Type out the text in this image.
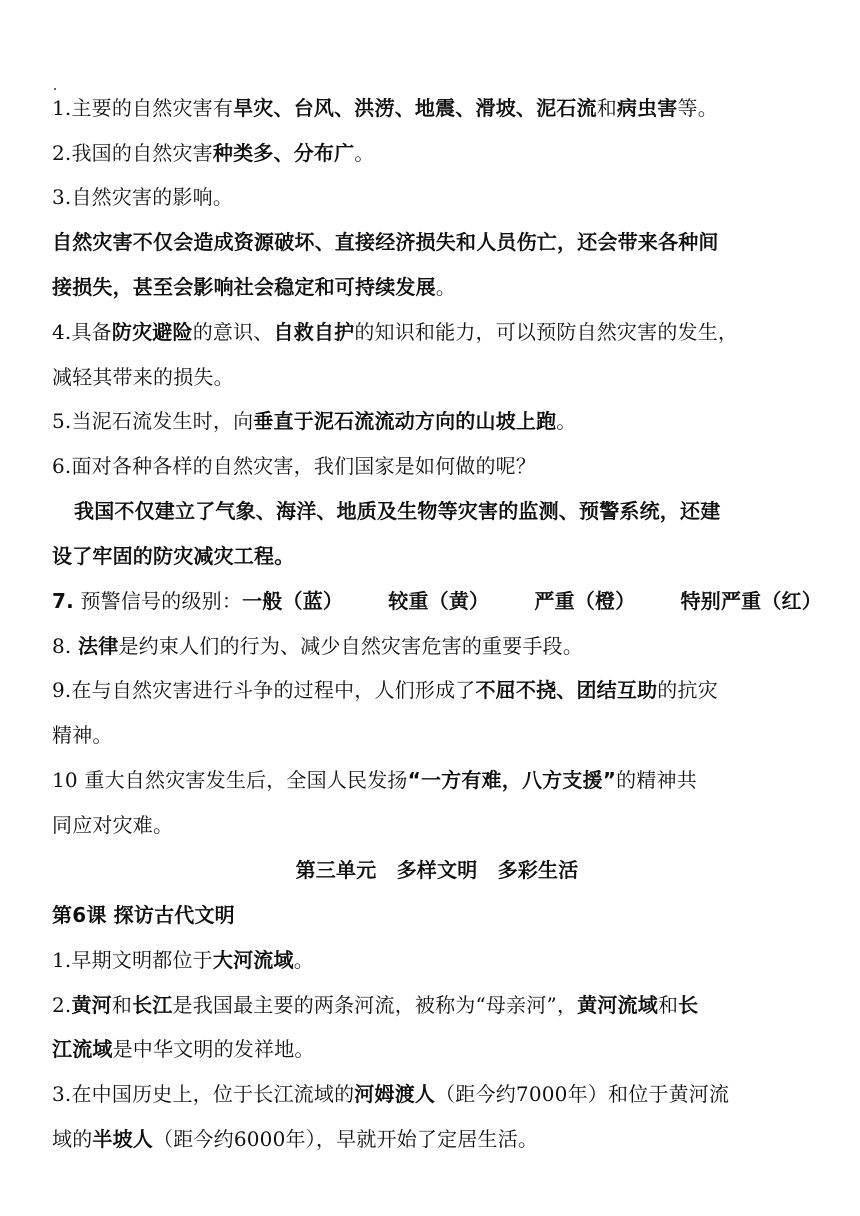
1.主要的自然灾害有旱灾、台风、洪涝、地震、滑坡、泥石流和病虫害等。
2.我国的自然灾害种类多、分布广。
3.自然灾害的影响。
自然灾害不仅会造成资源破坏、直接经济损失和人员伤亡，还会带来各种间
接损失，甚至会影响社会稳定和可持续发展。
4.具备防灾避险的意识、自救自护的知识和能力，可以预防自然灾害的发生，
减轻其带来的损失。
5.当泥石流发生时，向垂直于泥石流流动方向的山坡上跑。
6.面对各种各样的自然灾害，我们国家是如何做的呢？
我国不仅建立了气象、海洋、地质及生物等灾害的监测、预警系统，还建
设了牢固的防灾减灾工程。
7. 预警信号的级别：一般（蓝） 较重（黄） 严重（橙） 特别严重（红）
8. 法律是约束人们的行为、减少自然灾害危害的重要手段。
9.在与自然灾害进行斗争的过程中，人们形成了不屈不挠、团结互助的抗灾
精神。
10 重大自然灾害发生后，全国人民发扬“一方有难，八方支援”的精神共
同应对灾难。
第三单元　多样文明　多彩生活
第6课 探访古代文明
1.早期文明都位于大河流域。
2.黄河和长江是我国最主要的两条河流，被称为“母亲河”，黄河流域和长
江流域是中华文明的发祥地。
3.在中国历史上，位于长江流域的河姆渡人（距今约7000年）和位于黄河流
域的半坡人（距今约6000年），早就开始了定居生活。
